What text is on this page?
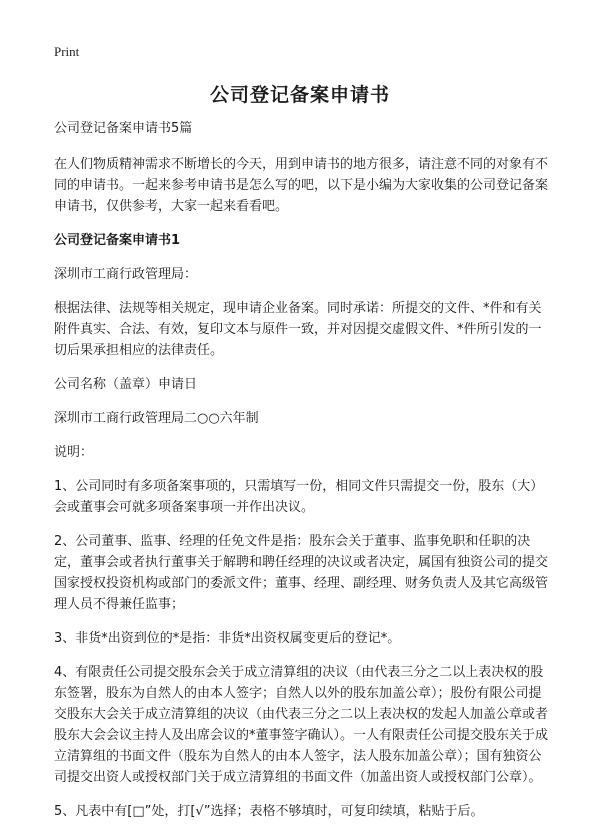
Print
公司登记备案申请书

公司登记备案申请书5篇

在人们物质精神需求不断增长的今天，用到申请书的地方很多，请注意不同的对象有不同的申请书。一起来参考申请书是怎么写的吧，以下是小编为大家收集的公司登记备案申请书，仅供参考，大家一起来看看吧。

公司登记备案申请书1

深圳市工商行政管理局：

根据法律、法规等相关规定，现申请企业备案。同时承诺：所提交的文件、*件和有关附件真实、合法、有效，复印文本与原件一致，并对因提交虚假文件、*件所引发的一切后果承担相应的法律责任。

公司名称（盖章）申请日

深圳市工商行政管理局二○○六年制

说明：

1、公司同时有多项备案事项的，只需填写一份，相同文件只需提交一份，股东（大）会或董事会可就多项备案事项一并作出决议。

2、公司董事、监事、经理的任免文件是指：股东会关于董事、监事免职和任职的决定，董事会或者执行董事关于解聘和聘任经理的决议或者决定，属国有独资公司的提交国家授权投资机构或部门的委派文件；董事、经理、副经理、财务负责人及其它高级管理人员不得兼任监事；

3、非货*出资到位的*是指：非货*出资权属变更后的登记*。

4、有限责任公司提交股东会关于成立清算组的决议（由代表三分之二以上表决权的股东签署，股东为自然人的由本人签字；自然人以外的股东加盖公章）；股份有限公司提交股东大会关于成立清算组的决议（由代表三分之二以上表决权的发起人加盖公章或者股东大会会议主持人及出席会议的*董事签字确认）。一人有限责任公司提交股东关于成立清算组的书面文件（股东为自然人的由本人签字，法人股东加盖公章）；国有独资公司提交出资人或授权部门关于成立清算组的书面文件（加盖出资人或授权部门公章）。

5、凡表中有[□”处，打[√”选择；表格不够填时，可复印续填，粘贴于后。
